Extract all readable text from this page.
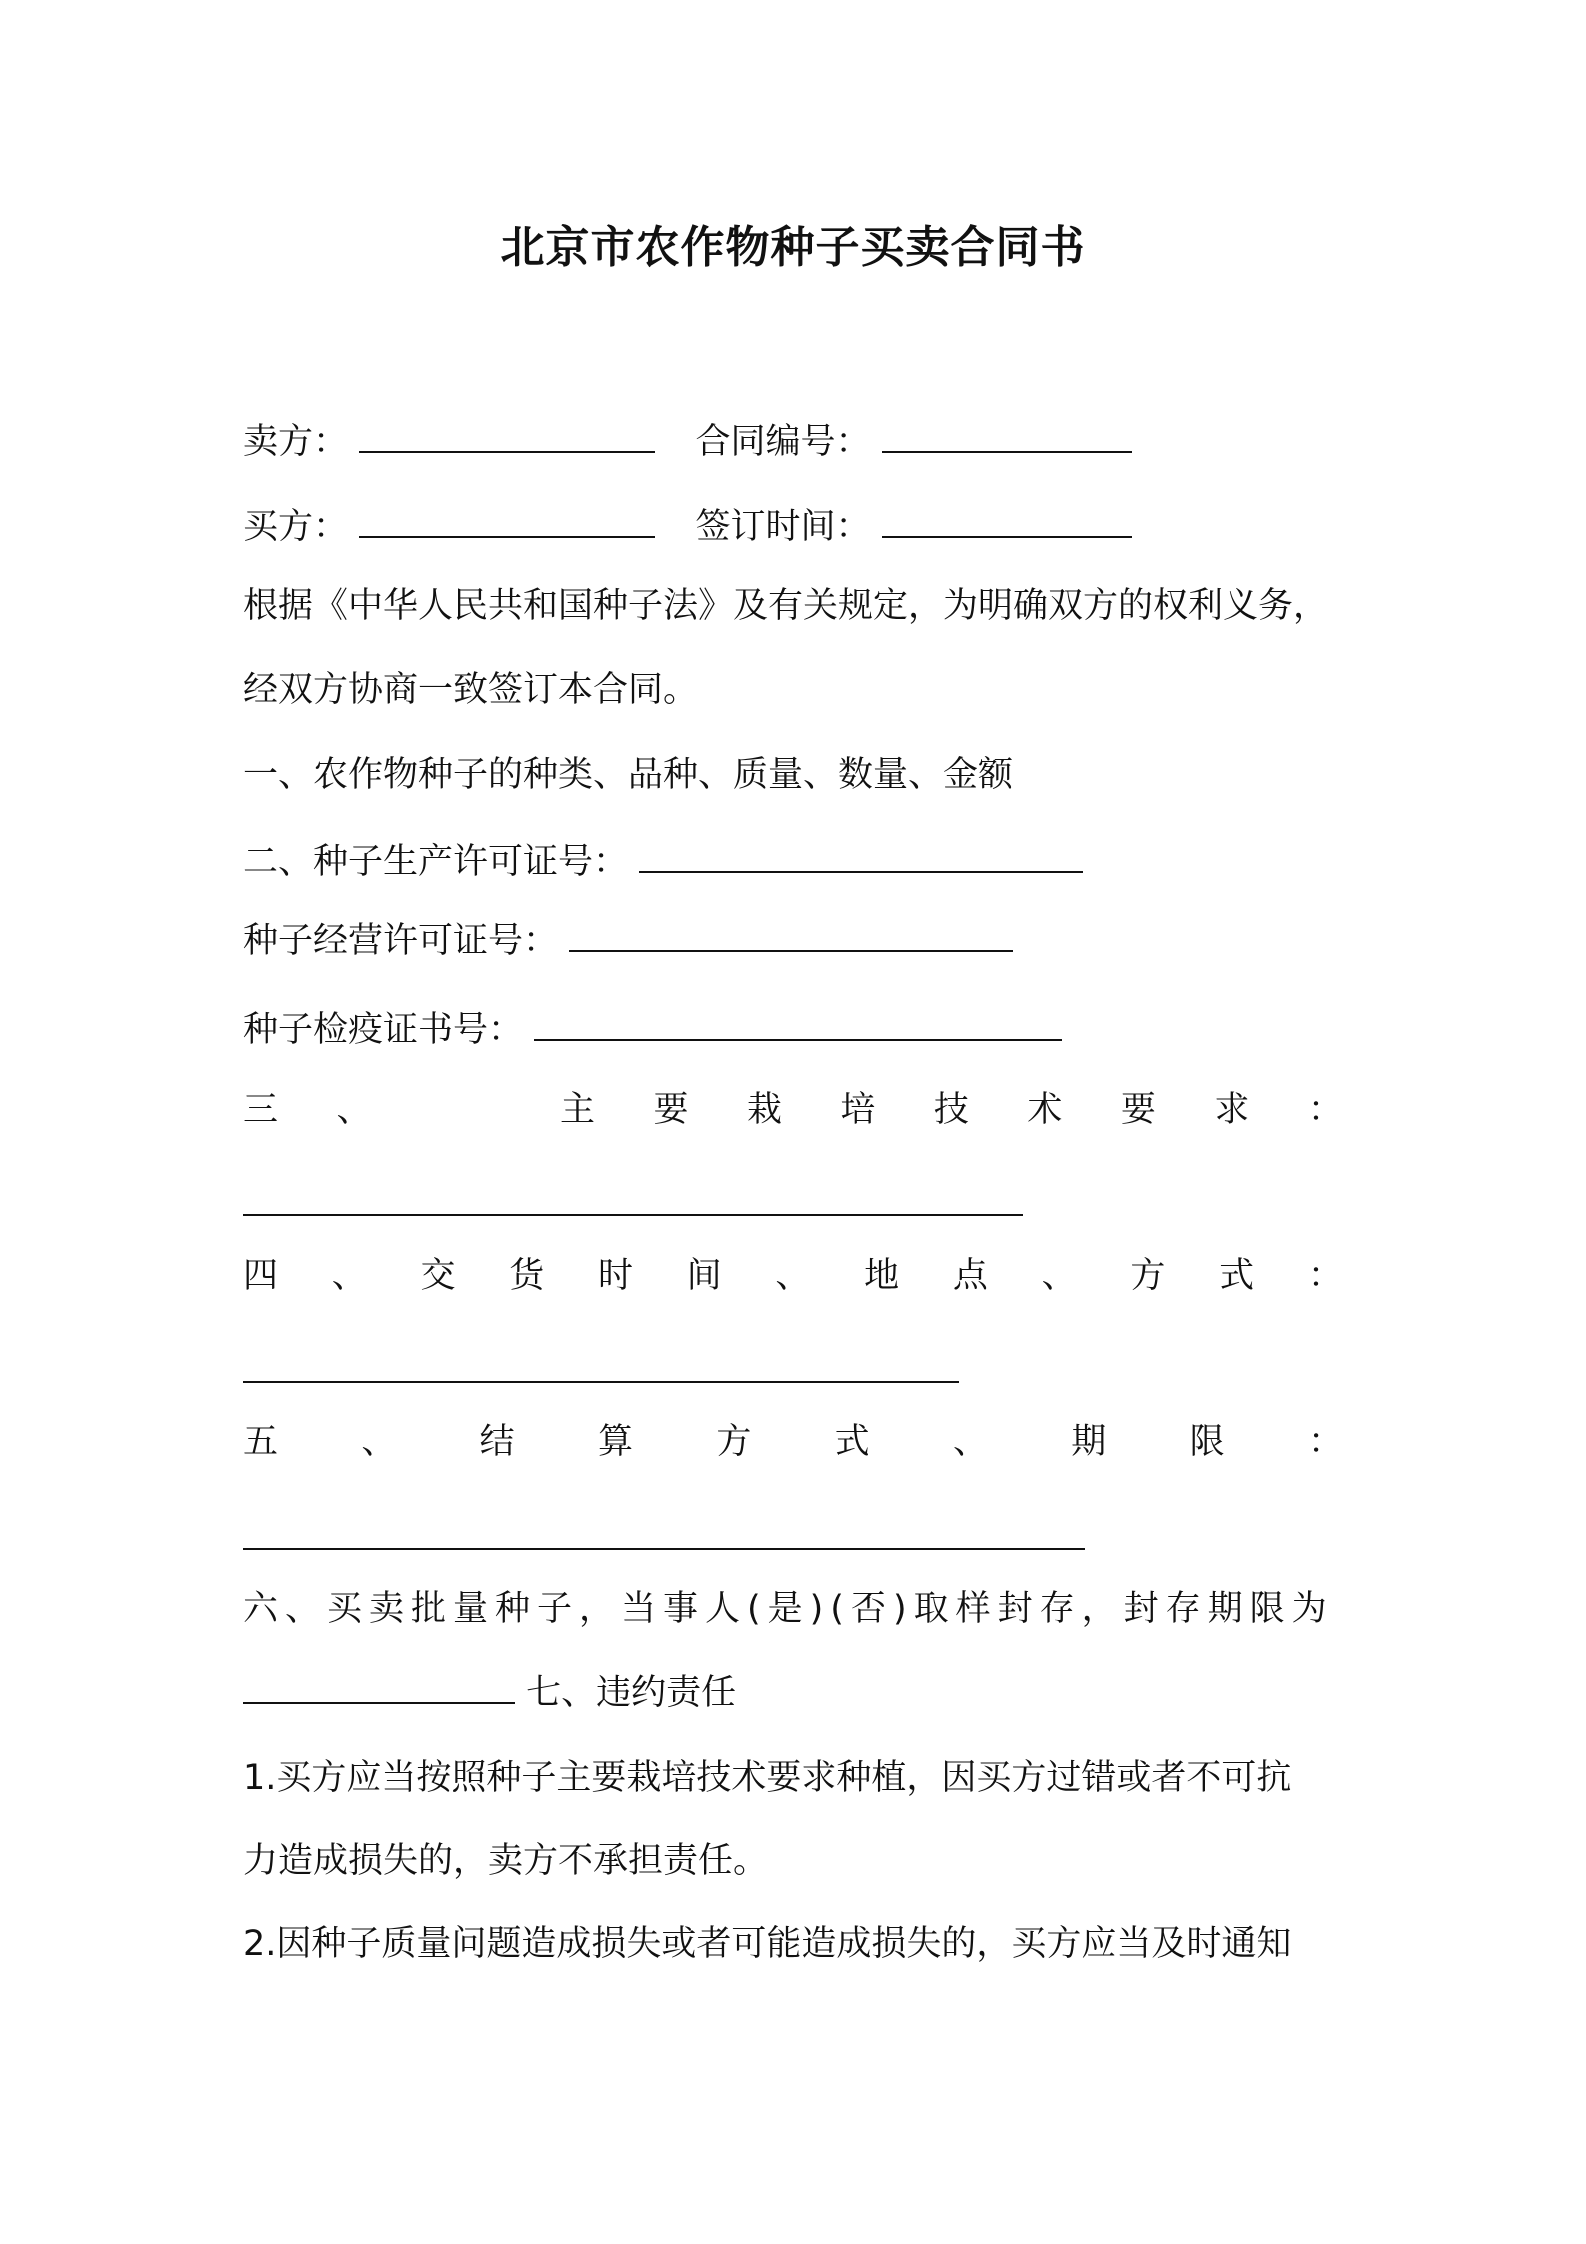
北京市农作物种子买卖合同书
卖方：	合同编号：
买方：	签订时间：
根据《中华人民共和国种子法》及有关规定，为明确双方的权利义务，
经双方协商一致签订本合同。
一、农作物种子的种类、品种、质量、数量、金额
二、种子生产许可证号：
种子经营许可证号：
种子检疫证书号：
三 、	主 要 栽 培 技 术 要 求 ：
四 、 交 货 时 间 、 地 点 、 方 式 ：
五 、 结 算 方 式 、 期 限 ：
六、买卖批量种子，当事人(是)(否)取样封存，封存期限为
七、违约责任
1.买方应当按照种子主要栽培技术要求种植，因买方过错或者不可抗
力造成损失的，卖方不承担责任。
2.因种子质量问题造成损失或者可能造成损失的，买方应当及时通知
